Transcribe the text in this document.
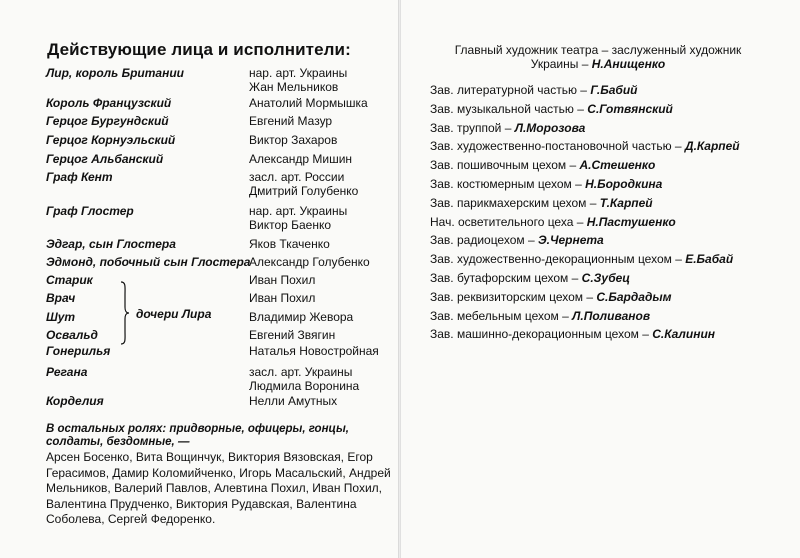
Действующие лица и исполнители:
Лир, король Британии	нар. арт. Украины
Жан Мельников
Король Французский	Анатолий Мормышка
Герцог Бургундский	Евгений Мазур
Герцог Корнуэльский	Виктор Захаров
Герцог Альбанский	Александр Мишин
Граф Кент	засл. арт. России
Дмитрий Голубенко
Граф Глостер	нар. арт. Украины
Виктор Баенко
Эдгар, сын Глостера	Яков Ткаченко
Эдмонд, побочный сын Глостера
Александр Голубенко
Старик	Иван Похил
Врач	Иван Похил
Шут	Владимир Жевора
Освальд	Евгений Звягин
Гонерилья	Наталья Новостройная
Регана	засл. арт. Украины
Людмила Воронина
Корделия	Нелли Амутных
дочери Лира
В остальных ролях: придворные, офицеры, гонцы, солдаты, бездомные, —
Арсен Босенко, Вита Вощинчук, Виктория Вязовская, Егор Герасимов, Дамир Коломийченко, Игорь Масальский, Андрей Мельников, Валерий Павлов, Алевтина Похил, Иван Похил, Валентина Прудченко, Виктория Рудавская, Валентина Соболева, Сергей Федоренко.
Главный художник театра – заслуженный художник
Украины – Н.Анищенко
Зав. литературной частью – Г.Бабий
Зав. музыкальной частью – С.Готвянский
Зав. труппой – Л.Морозова
Зав. художественно-постановочной частью – Д.Карпей
Зав. пошивочным цехом – А.Стешенко
Зав. костюмерным цехом – Н.Бородкина
Зав. парикмахерским цехом – Т.Карпей
Нач. осветительного цеха – Н.Пастушенко
Зав. радиоцехом – Э.Чернета
Зав. художественно-декорационным цехом – Е.Бабай
Зав. бутафорским цехом – С.Зубец
Зав. реквизиторским цехом – С.Бардадым
Зав. мебельным цехом – Л.Поливанов
Зав. машинно-декорационным цехом – С.Калинин
